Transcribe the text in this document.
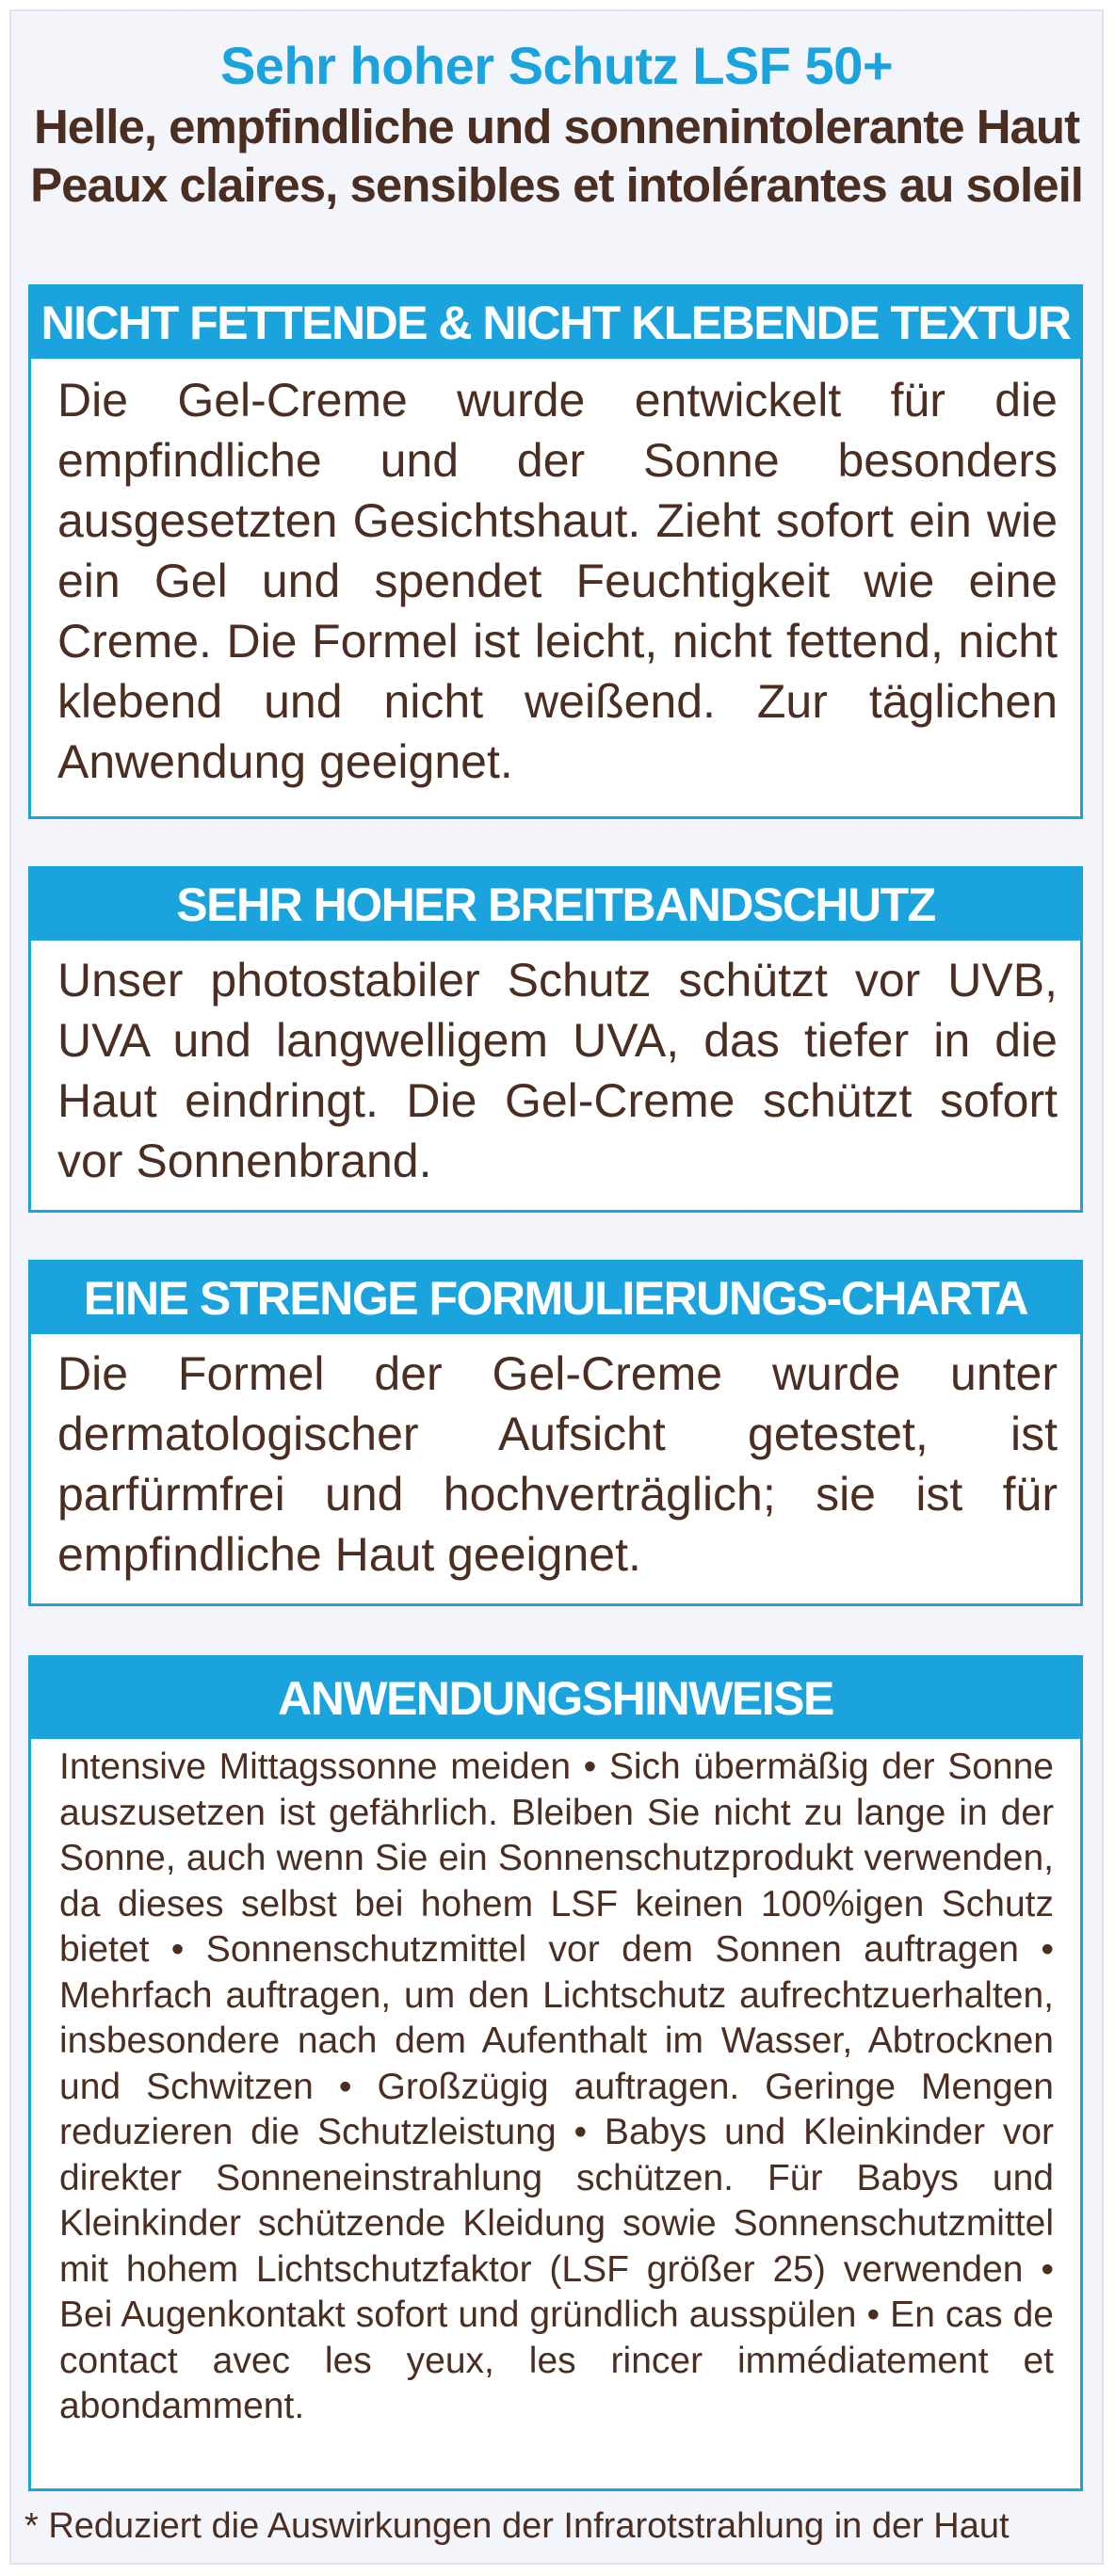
Sehr hoher Schutz LSF 50+
Helle, empfindliche und sonnenintolerante Haut
Peaux claires, sensibles et intolérantes au soleil
NICHT FETTENDE & NICHT KLEBENDE TEXTUR
Die Gel-Creme wurde entwickelt für die empfindliche und der Sonne besonders ausgesetzten Gesichtshaut. Zieht sofort ein wie ein Gel und spendet Feuchtigkeit wie eine Creme. Die Formel ist leicht, nicht fettend, nicht klebend und nicht weißend. Zur täglichen Anwendung geeignet.
SEHR HOHER BREITBANDSCHUTZ
Unser photostabiler Schutz schützt vor UVB, UVA und langwelligem UVA, das tiefer in die Haut eindringt. Die Gel-Creme schützt sofort vor Sonnenbrand.
EINE STRENGE FORMULIERUNGS-CHARTA
Die Formel der Gel-Creme wurde unter dermatologischer Aufsicht getestet, ist parfürmfrei und hochverträglich; sie ist für empfindliche Haut geeignet.
ANWENDUNGSHINWEISE
Intensive Mittagssonne meiden • Sich übermäßig der Sonne auszusetzen ist gefährlich. Bleiben Sie nicht zu lange in der Sonne, auch wenn Sie ein Sonnenschutzprodukt verwenden, da dieses selbst bei hohem LSF keinen 100%igen Schutz bietet • Sonnenschutzmittel vor dem Sonnen auftragen • Mehrfach auftragen, um den Lichtschutz aufrechtzuerhalten, insbesondere nach dem Aufenthalt im Wasser, Abtrocknen und Schwitzen • Großzügig auftragen. Geringe Mengen reduzieren die Schutzleistung • Babys und Kleinkinder vor direkter Sonneneinstrahlung schützen. Für Babys und Kleinkinder schützende Kleidung sowie Sonnenschutzmittel mit hohem Lichtschutzfaktor (LSF größer 25) verwenden • Bei Augenkontakt sofort und gründlich ausspülen • En cas de contact avec les yeux, les rincer immédiatement et abondamment.
* Reduziert die Auswirkungen der Infrarotstrahlung in der Haut
